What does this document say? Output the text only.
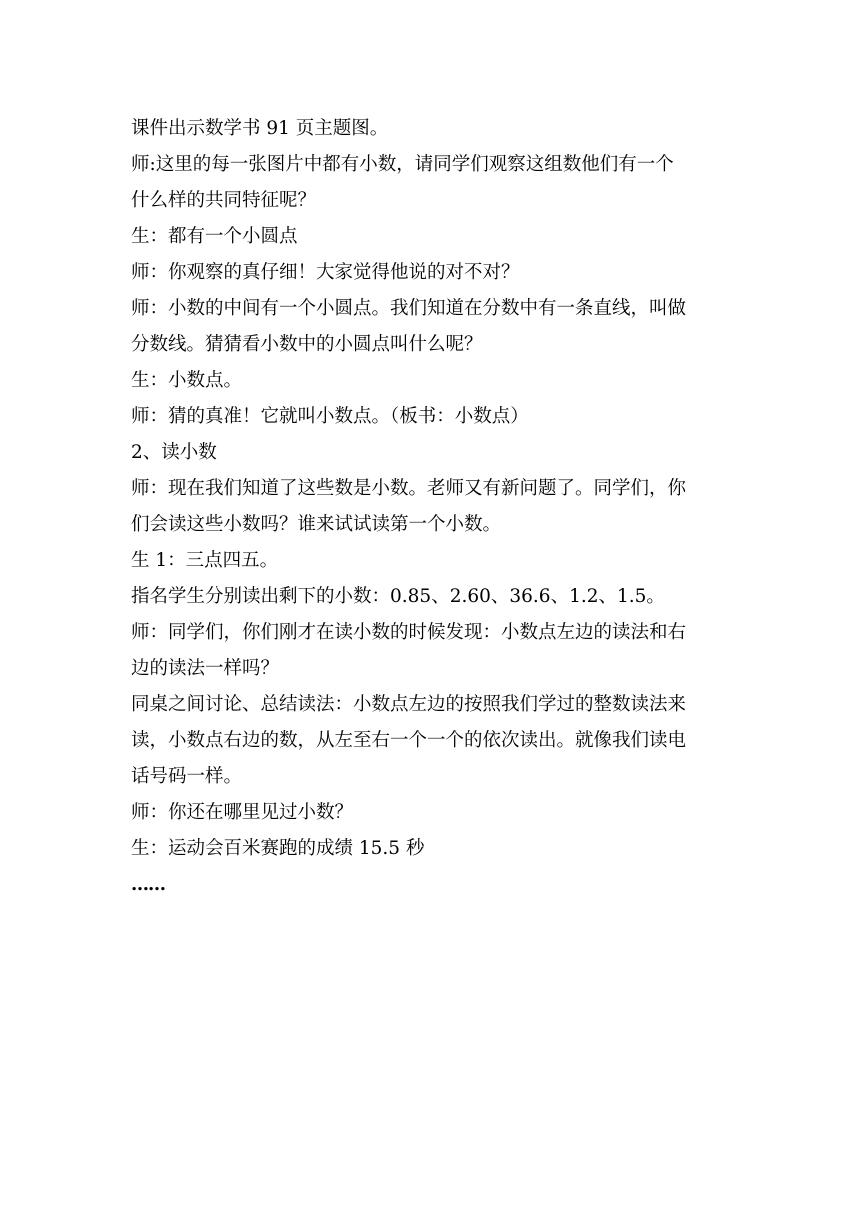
课件出示数学书 91 页主题图。

师:这里的每一张图片中都有小数，请同学们观察这组数他们有一个
什么样的共同特征呢？

生：都有一个小圆点

师：你观察的真仔细！大家觉得他说的对不对？

师：小数的中间有一个小圆点。我们知道在分数中有一条直线，叫做
分数线。猜猜看小数中的小圆点叫什么呢？

生：小数点。

师：猜的真准！它就叫小数点。（板书：小数点）

2、读小数

师：现在我们知道了这些数是小数。老师又有新问题了。同学们，你
们会读这些小数吗？谁来试试读第一个小数。

生 1：三点四五。

指名学生分别读出剩下的小数：0.85、2.60、36.6、1.2、1.5。

师：同学们，你们刚才在读小数的时候发现：小数点左边的读法和右
边的读法一样吗？

同桌之间讨论、总结读法：小数点左边的按照我们学过的整数读法来
读，小数点右边的数，从左至右一个一个的依次读出。就像我们读电
话号码一样。

师：你还在哪里见过小数？

生：运动会百米赛跑的成绩 15.5 秒

……
